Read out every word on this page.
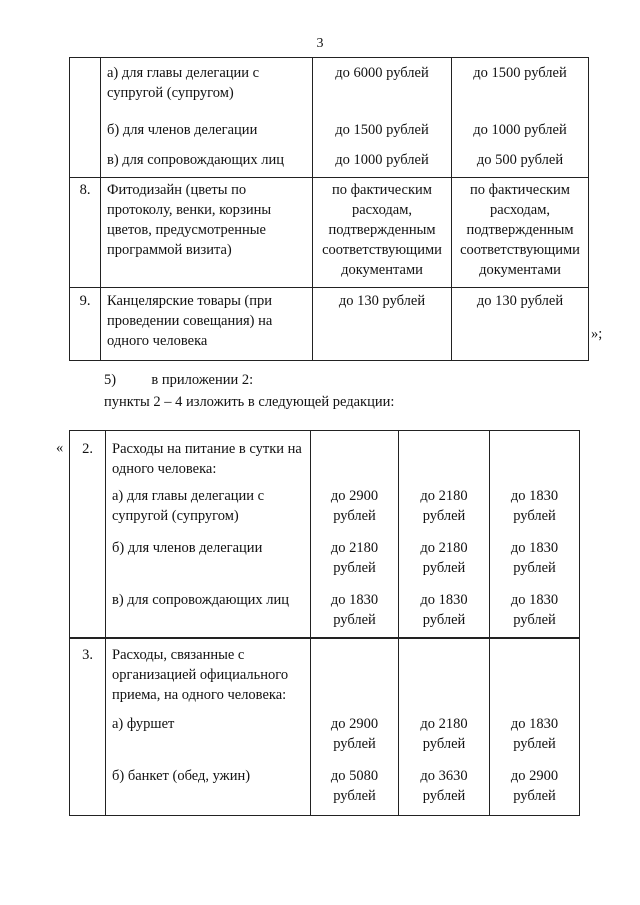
3
	а) для главы делегации с супругой (супругом)	до 6000 рублей	до 1500 рублей
	б) для членов делегации	до 1500 рублей	до 1000 рублей
	в) для сопровождающих лиц	до 1000 рублей	до 500 рублей
8.	Фитодизайн (цветы по протоколу, венки, корзины цветов, предусмотренные программой визита)	по фактическим расходам, подтвержденным соответствующими документами	по фактическим расходам, подтвержденным соответствующими документами
9.	Канцелярские товары (при проведении совещания) на одного человека	до 130 рублей	до 130 рублей
»;
5) в приложении 2:
пункты 2 – 4 изложить в следующей редакции:
« 2.	Расходы на питание в сутки на одного человека:			
	а) для главы делегации с супругой (супругом)	до 2900 рублей	до 2180 рублей	до 1830 рублей
	б) для членов делегации	до 2180 рублей	до 2180 рублей	до 1830 рублей
	в) для сопровождающих лиц	до 1830 рублей	до 1830 рублей	до 1830 рублей
3.	Расходы, связанные с организацией официального приема, на одного человека:			
	а) фуршет	до 2900 рублей	до 2180 рублей	до 1830 рублей
	б) банкет (обед, ужин)	до 5080 рублей	до 3630 рублей	до 2900 рублей
